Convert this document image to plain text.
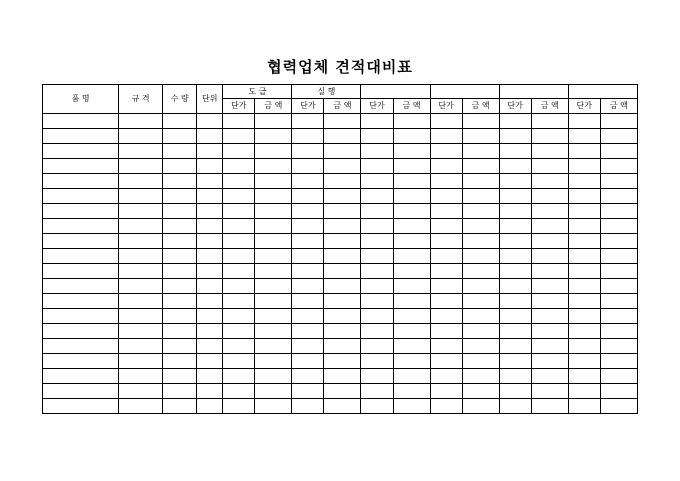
협력업체 견적대비표
품 명	규 격	수 량	단위	도 급		실 행									
				단가	금 액	단가	금 액	단가	금 액	단가	금 액	단가	금 액	단가	금 액
